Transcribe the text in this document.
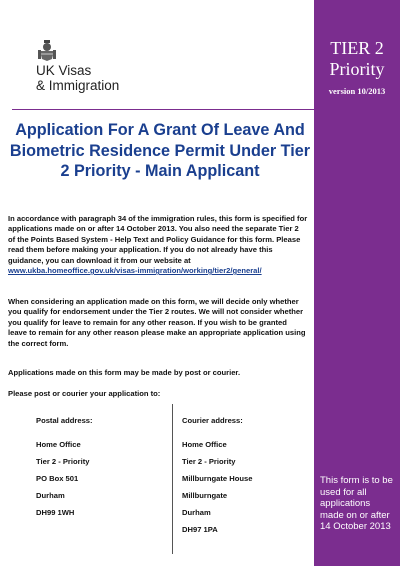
TIER 2
Priority
version 10/2013
This form is to be used for all applications made on or after 14 October 2013
UK Visas
& Immigration
Application For A Grant Of Leave And Biometric Residence Permit Under Tier 2 Priority - Main Applicant
In accordance with paragraph 34 of the immigration rules, this form is specified for applications made on or after 14 October 2013. You also need the separate Tier 2 of the Points Based System - Help Text and Policy Guidance for this form. Please read them before making your application. If you do not already have this guidance, you can download it from our website at www.ukba.homeoffice.gov.uk/visas-immigration/working/tier2/general/
When considering an application made on this form, we will decide only whether you qualify for endorsement under the Tier 2 routes. We will not consider whether you qualify for leave to remain for any other reason. If you wish to be granted leave to remain for any other reason please make an appropriate application using the correct form.
Applications made on this form may be made by post or courier.
Please post or courier your application to:
Postal address:
Home Office
Tier 2 - Priority
PO Box 501
Durham
DH99 1WH
Courier address:
Home Office
Tier 2 - Priority
Millburngate House
Millburngate
Durham
DH97 1PA
